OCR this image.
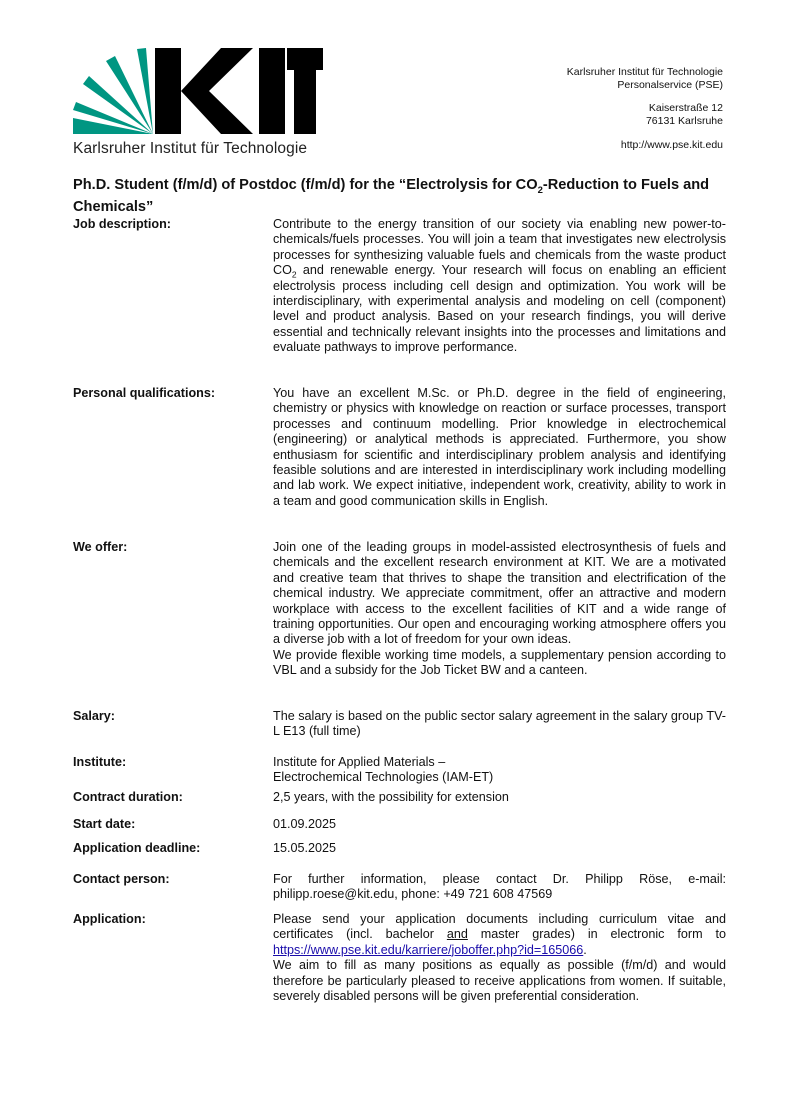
Karlsruher Institut für Technologie
Karlsruher Institut für Technologie
Personalservice (PSE)
Kaiserstraße 12
76131 Karlsruhe
http://www.pse.kit.edu
Ph.D. Student (f/m/d) of Postdoc (f/m/d) for the “Electrolysis for $CO_2$-Reduction to Fuels and Chemicals”
Job description:	Contribute to the energy transition of our society via enabling new power-to-chemicals/fuels processes. You will join a team that investigates new electrolysis processes for synthesizing valuable fuels and chemicals from the waste product $CO_2$ and renewable energy. Your research will focus on enabling an efficient electrolysis process including cell design and optimization. You work will be interdisciplinary, with experimental analysis and modeling on cell (component) level and product analysis. Based on your research findings, you will derive essential and technically relevant insights into the processes and limitations and evaluate pathways to improve performance.
Personal qualifications:	You have an excellent M.Sc. or Ph.D. degree in the field of engineering, chemistry or physics with knowledge on reaction or surface processes, transport processes and continuum modelling. Prior knowledge in electrochemical (engineering) or analytical methods is appreciated. Furthermore, you show enthusiasm for scientific and interdisciplinary problem analysis and identifying feasible solutions and are interested in interdisciplinary work including modelling and lab work. We expect initiative, independent work, creativity, ability to work in a team and good communication skills in English.
We offer:	Join one of the leading groups in model-assisted electrosynthesis of fuels and chemicals and the excellent research environment at KIT. We are a motivated and creative team that thrives to shape the transition and electrification of the chemical industry. We appreciate commitment, offer an attractive and modern workplace with access to the excellent facilities of KIT and a wide range of training opportunities. Our open and encouraging working atmosphere offers you a diverse job with a lot of freedom for your own ideas.
We provide flexible working time models, a supplementary pension according to VBL and a subsidy for the Job Ticket BW and a canteen.
Salary:	The salary is based on the public sector salary agreement in the salary group TV-L E13 (full time)
Institute:	Institute for Applied Materials –
Electrochemical Technologies (IAM-ET)
Contract duration:	2,5 years, with the possibility for extension
Start date:	01.09.2025
Application deadline:	15.05.2025
Contact person:	For further information, please contact Dr. Philipp Röse, e-mail: philipp.roese@kit.edu, phone: +49 721 608 47569
Application:	Please send your application documents including curriculum vitae and certificates (incl. bachelor and master grades) in electronic form to https://www.pse.kit.edu/karriere/joboffer.php?id=165066.
We aim to fill as many positions as equally as possible (f/m/d) and would therefore be particularly pleased to receive applications from women. If suitable, severely disabled persons will be given preferential consideration.
